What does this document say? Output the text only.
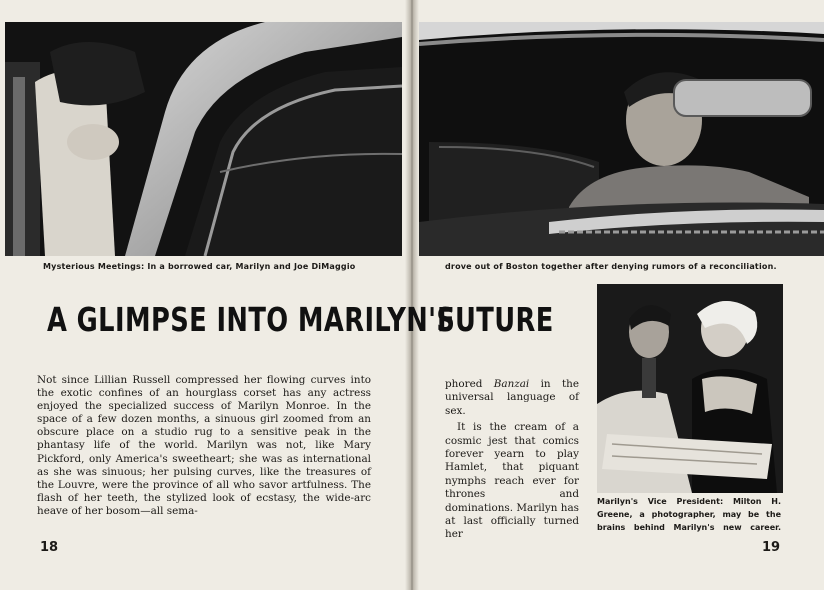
Mysterious Meetings: In a borrowed car, Marilyn and Joe DiMaggio	drove out of Boston together after denying rumors of a reconciliation.
A GLIMPSE INTO MARILYN'S
FUTURE
Not since Lillian Russell compressed her flowing curves into the exotic confines of an hourglass corset has any actress enjoyed the specialized success of Marilyn Monroe. In the space of a few dozen months, a sinuous girl zoomed from an obscure place on a studio rug to a sensitive peak in the phantasy life of the world. Marilyn was not, like Mary Pickford, only America's sweetheart; she was as international as she was sinuous; her pulsing curves, like the treasures of the Louvre, were the province of all who savor artfulness. The flash of her teeth, the stylized look of ecstasy, the wide-arc heave of her bosom—all sema-

phored Banzai in the universal language of sex.

It is the cream of a cosmic jest that comics forever yearn to play Hamlet, that piquant nymphs reach ever for thrones and dominations. Marilyn has at last officially turned her

Marilyn's Vice President: Milton H. Greene, a photographer, may be the brains behind Marilyn's new career.
18	19
